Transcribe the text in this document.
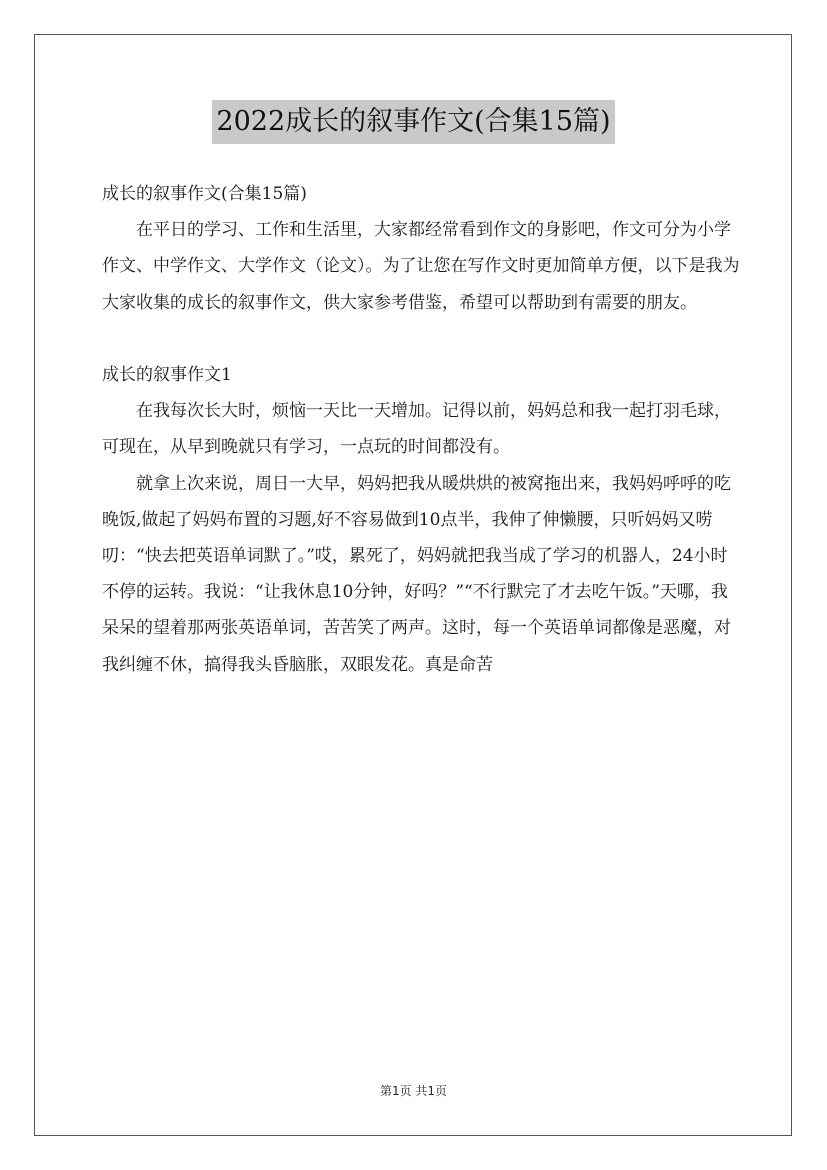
2022成长的叙事作文(合集15篇)

成长的叙事作文(合集15篇)

在平日的学习、工作和生活里，大家都经常看到作文的身影吧，作文可分为小学作文、中学作文、大学作文（论文）。为了让您在写作文时更加简单方便，以下是我为大家收集的成长的叙事作文，供大家参考借鉴，希望可以帮助到有需要的朋友。

成长的叙事作文1

在我每次长大时，烦恼一天比一天增加。记得以前，妈妈总和我一起打羽毛球，可现在，从早到晚就只有学习，一点玩的时间都没有。

就拿上次来说，周日一大早，妈妈把我从暖烘烘的被窝拖出来，我妈妈呼呼的吃晚饭,做起了妈妈布置的习题,好不容易做到10点半，我伸了伸懒腰，只听妈妈又唠叨：“快去把英语单词默了。”哎，累死了，妈妈就把我当成了学习的机器人，24小时不停的运转。我说：“让我休息10分钟，好吗？”“不行默完了才去吃午饭。”天哪，我呆呆的望着那两张英语单词，苦苦笑了两声。这时，每一个英语单词都像是恶魔，对我纠缠不休，搞得我头昏脑胀，双眼发花。真是命苦

第1页 共1页
